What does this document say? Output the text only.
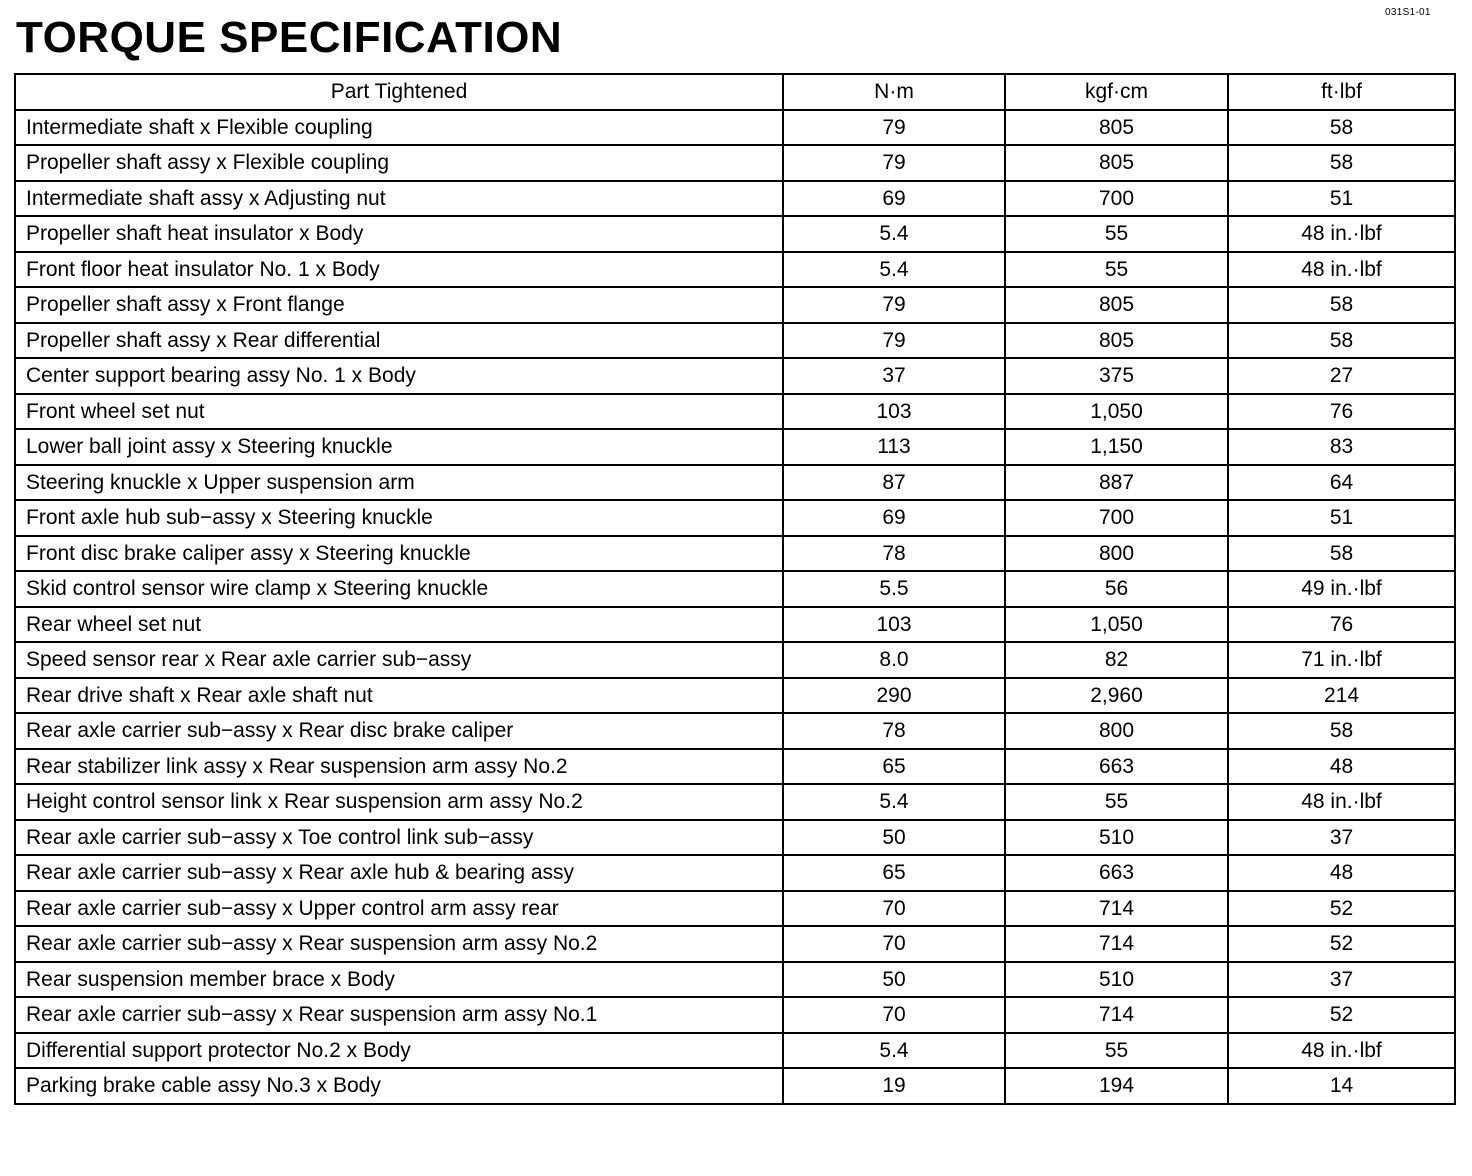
031S1-01
TORQUE SPECIFICATION
Part Tightened	N·m	kgf·cm	ft·lbf
Intermediate shaft x Flexible coupling	79	805	58
Propeller shaft assy x Flexible coupling	79	805	58
Intermediate shaft assy x Adjusting nut	69	700	51
Propeller shaft heat insulator x Body	5.4	55	48 in.·lbf
Front floor heat insulator No. 1 x Body	5.4	55	48 in.·lbf
Propeller shaft assy x Front flange	79	805	58
Propeller shaft assy x Rear differential	79	805	58
Center support bearing assy No. 1 x Body	37	375	27
Front wheel set nut	103	1,050	76
Lower ball joint assy x Steering knuckle	113	1,150	83
Steering knuckle x Upper suspension arm	87	887	64
Front axle hub sub−assy x Steering knuckle	69	700	51
Front disc brake caliper assy x Steering knuckle	78	800	58
Skid control sensor wire clamp x Steering knuckle	5.5	56	49 in.·lbf
Rear wheel set nut	103	1,050	76
Speed sensor rear x Rear axle carrier sub−assy	8.0	82	71 in.·lbf
Rear drive shaft x Rear axle shaft nut	290	2,960	214
Rear axle carrier sub−assy x Rear disc brake caliper	78	800	58
Rear stabilizer link assy x Rear suspension arm assy No.2	65	663	48
Height control sensor link x Rear suspension arm assy No.2	5.4	55	48 in.·lbf
Rear axle carrier sub−assy x Toe control link sub−assy	50	510	37
Rear axle carrier sub−assy x Rear axle hub & bearing assy	65	663	48
Rear axle carrier sub−assy x Upper control arm assy rear	70	714	52
Rear axle carrier sub−assy x Rear suspension arm assy No.2	70	714	52
Rear suspension member brace x Body	50	510	37
Rear axle carrier sub−assy x Rear suspension arm assy No.1	70	714	52
Differential support protector No.2 x Body	5.4	55	48 in.·lbf
Parking brake cable assy No.3 x Body	19	194	14
